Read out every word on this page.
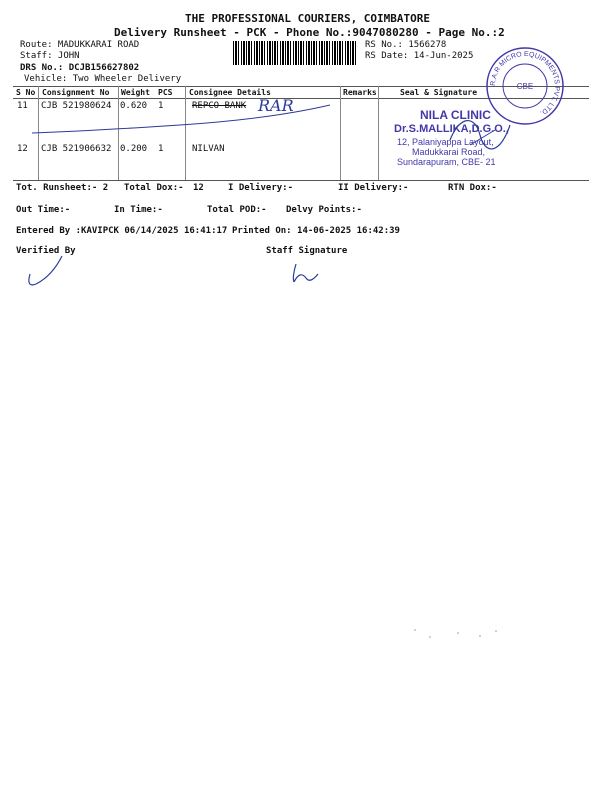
THE PROFESSIONAL COURIERS, COIMBATORE
Delivery Runsheet - PCK - Phone No.:9047080280 - Page No.:2
Route: MADUKKARAI ROAD
Staff: JOHN
DRS No.: DCJB156627802
Vehicle: Two Wheeler Delivery
RS No.: 1566278
RS Date: 14-Jun-2025
S No Consignment No Weight PCS Consignee Details	Remarks	Seal & Signature
11 CJB 521980624 0.620 1	REPCO BANK
12 CJB 521906632 0.200 1	NILVAN
RAR
R.A.R MICRO EQUIPMENTS PVT. LTD.
CBE
NILA CLINIC
Dr.S.MALLIKA,D.G.O.,
12, Palaniyappa Layout,
Madukkarai Road,
Sundarapuram, CBE- 21
Tot. Runsheet:- 2 Total Dox:- 12	I Delivery:-	II Delivery:-	RTN Dox:-
Out Time:-	In Time:-	Total POD:- Delvy Points:-
Entered By :KAVIPCK 06/14/2025 16:41:17 Printed On: 14-06-2025 16:42:39
Verified By	Staff Signature
